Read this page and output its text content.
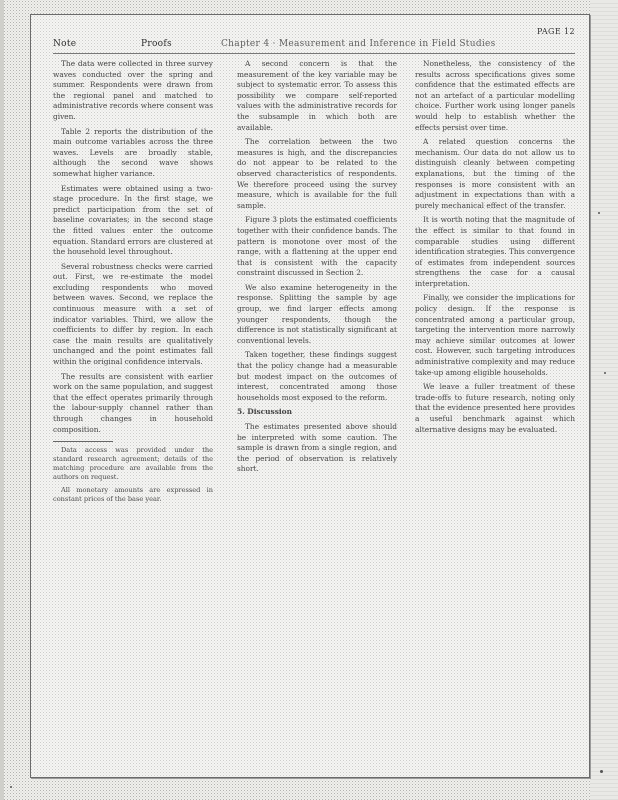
PAGE 12
Note	Proofs	Chapter 4 · Measurement and Inference in Field Studies

The data were collected in three survey waves conducted over the spring and summer. Respondents were drawn from the regional panel and matched to administrative records where consent was given.

Table 2 reports the distribution of the main outcome variables across the three waves. Levels are broadly stable, although the second wave shows somewhat higher variance.

Estimates were obtained using a two-stage procedure. In the first stage, we predict participation from the set of baseline covariates; in the second stage the fitted values enter the outcome equation. Standard errors are clustered at the household level throughout.

Several robustness checks were carried out. First, we re-estimate the model excluding respondents who moved between waves. Second, we replace the continuous measure with a set of indicator variables. Third, we allow the coefficients to differ by region. In each case the main results are qualitatively unchanged and the point estimates fall within the original confidence intervals.

The results are consistent with earlier work on the same population, and suggest that the effect operates primarily through the labour-supply channel rather than through changes in household composition.

Data access was provided under the standard research agreement; details of the matching procedure are available from the authors on request.

All monetary amounts are expressed in constant prices of the base year.

A second concern is that the measurement of the key variable may be subject to systematic error. To assess this possibility we compare self-reported values with the administrative records for the subsample in which both are available.

The correlation between the two measures is high, and the discrepancies do not appear to be related to the observed characteristics of respondents. We therefore proceed using the survey measure, which is available for the full sample.

Figure 3 plots the estimated coefficients together with their confidence bands. The pattern is monotone over most of the range, with a flattening at the upper end that is consistent with the capacity constraint discussed in Section 2.

We also examine heterogeneity in the response. Splitting the sample by age group, we find larger effects among younger respondents, though the difference is not statistically significant at conventional levels.

Taken together, these findings suggest that the policy change had a measurable but modest impact on the outcomes of interest, concentrated among those households most exposed to the reform.

5. Discussion

The estimates presented above should be interpreted with some caution. The sample is drawn from a single region, and the period of observation is relatively short.

Nonetheless, the consistency of the results across specifications gives some confidence that the estimated effects are not an artefact of a particular modelling choice. Further work using longer panels would help to establish whether the effects persist over time.

A related question concerns the mechanism. Our data do not allow us to distinguish cleanly between competing explanations, but the timing of the responses is more consistent with an adjustment in expectations than with a purely mechanical effect of the transfer.

It is worth noting that the magnitude of the effect is similar to that found in comparable studies using different identification strategies. This convergence of estimates from independent sources strengthens the case for a causal interpretation.

Finally, we consider the implications for policy design. If the response is concentrated among a particular group, targeting the intervention more narrowly may achieve similar outcomes at lower cost. However, such targeting introduces administrative complexity and may reduce take-up among eligible households.

We leave a fuller treatment of these trade-offs to future research, noting only that the evidence presented here provides a useful benchmark against which alternative designs may be evaluated.
